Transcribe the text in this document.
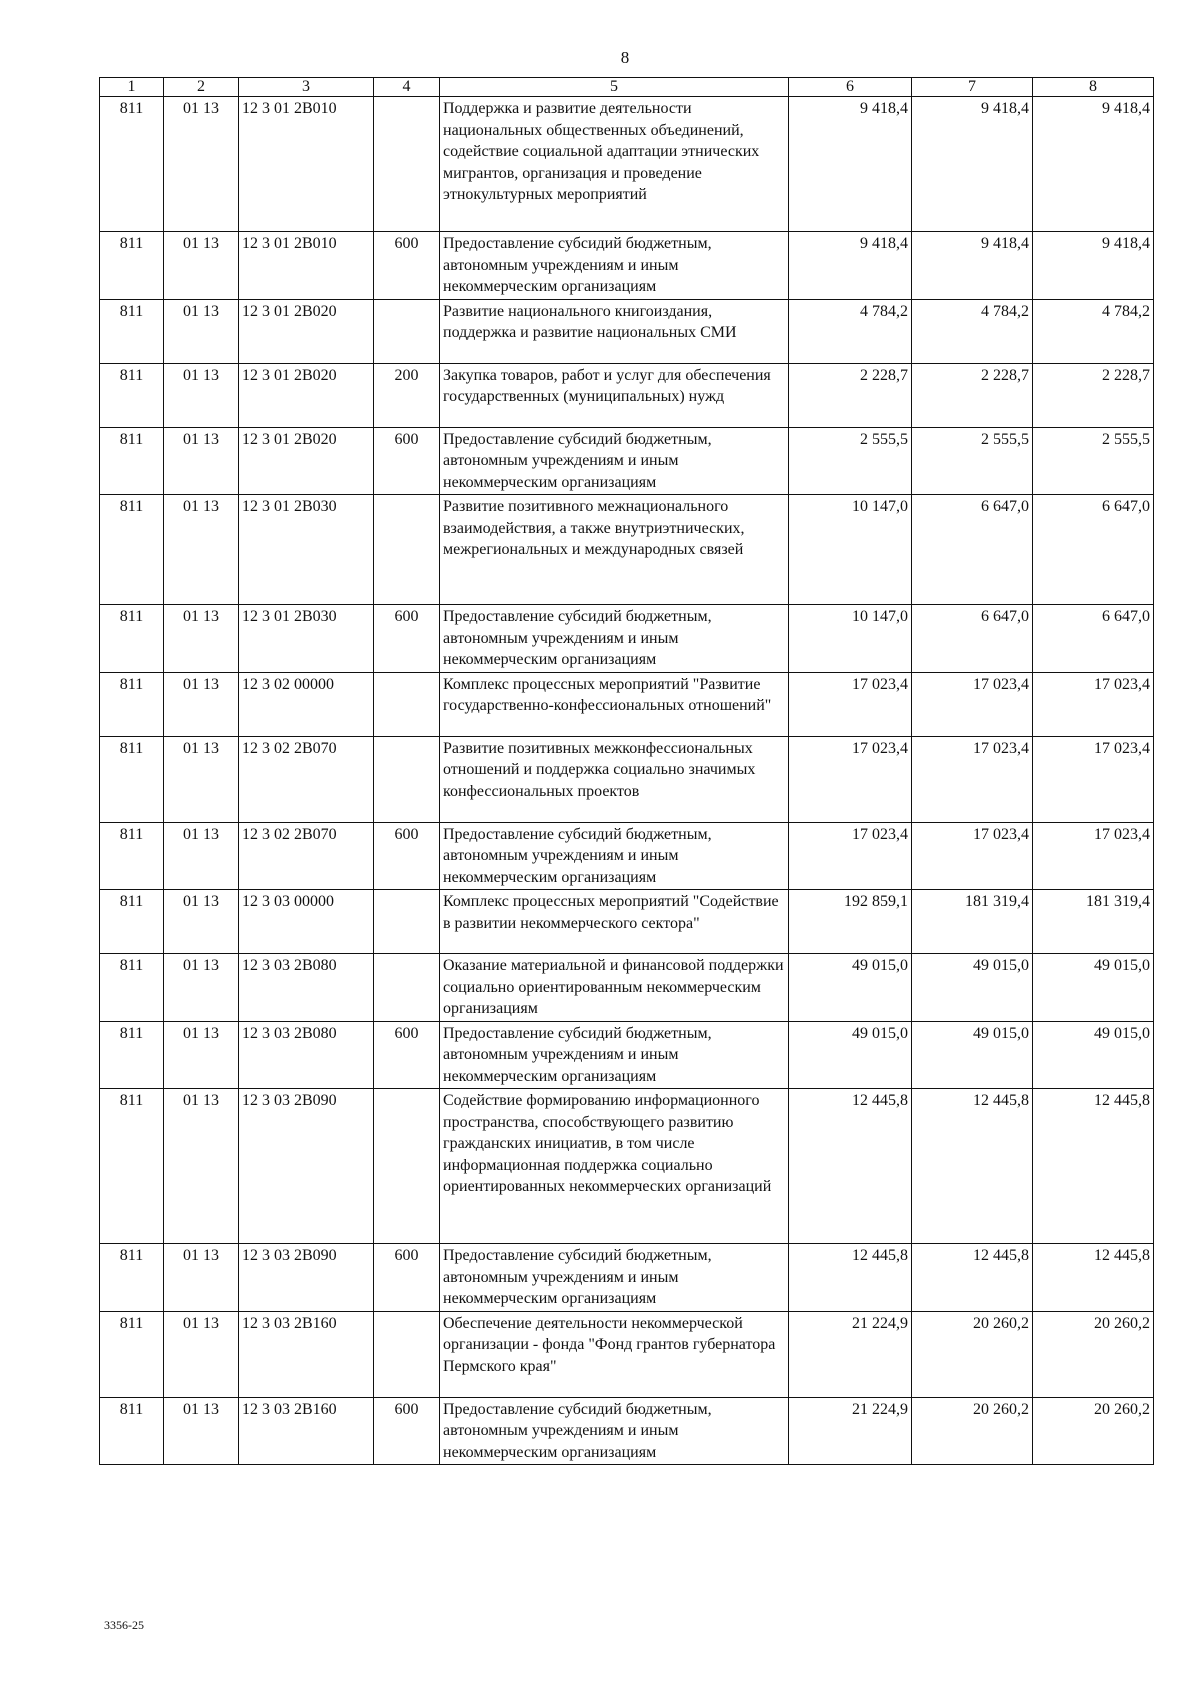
8
1	2	3	4	5	6	7	8
811	01 13	12 3 01 2В010		Поддержка и развитие деятельности национальных общественных объединений, содействие социальной адаптации этнических мигрантов, организация и проведение этнокультурных мероприятий	9 418,4	9 418,4	9 418,4
811	01 13	12 3 01 2В010	600	Предоставление субсидий бюджетным, автономным учреждениям и иным некоммерческим организациям	9 418,4	9 418,4	9 418,4
811	01 13	12 3 01 2В020		Развитие национального книгоиздания, поддержка и развитие национальных СМИ	4 784,2	4 784,2	4 784,2
811	01 13	12 3 01 2В020	200	Закупка товаров, работ и услуг для обеспечения государственных (муниципальных) нужд	2 228,7	2 228,7	2 228,7
811	01 13	12 3 01 2В020	600	Предоставление субсидий бюджетным, автономным учреждениям и иным некоммерческим организациям	2 555,5	2 555,5	2 555,5
811	01 13	12 3 01 2В030		Развитие позитивного межнационального взаимодействия, а также внутриэтнических, межрегиональных и международных связей	10 147,0	6 647,0	6 647,0
811	01 13	12 3 01 2В030	600	Предоставление субсидий бюджетным, автономным учреждениям и иным некоммерческим организациям	10 147,0	6 647,0	6 647,0
811	01 13	12 3 02 00000		Комплекс процессных мероприятий "Развитие государственно-конфессиональных отношений"	17 023,4	17 023,4	17 023,4
811	01 13	12 3 02 2В070		Развитие позитивных межконфессиональных отношений и поддержка социально значимых конфессиональных проектов	17 023,4	17 023,4	17 023,4
811	01 13	12 3 02 2В070	600	Предоставление субсидий бюджетным, автономным учреждениям и иным некоммерческим организациям	17 023,4	17 023,4	17 023,4
811	01 13	12 3 03 00000		Комплекс процессных мероприятий "Содействие в развитии некоммерческого сектора"	192 859,1	181 319,4	181 319,4
811	01 13	12 3 03 2В080		Оказание материальной и финансовой поддержки социально ориентированным некоммерческим организациям	49 015,0	49 015,0	49 015,0
811	01 13	12 3 03 2В080	600	Предоставление субсидий бюджетным, автономным учреждениям и иным некоммерческим организациям	49 015,0	49 015,0	49 015,0
811	01 13	12 3 03 2В090		Содействие формированию информационного пространства, способствующего развитию гражданских инициатив, в том числе информационная поддержка социально ориентированных некоммерческих организаций	12 445,8	12 445,8	12 445,8
811	01 13	12 3 03 2В090	600	Предоставление субсидий бюджетным, автономным учреждениям и иным некоммерческим организациям	12 445,8	12 445,8	12 445,8
811	01 13	12 3 03 2В160		Обеспечение деятельности некоммерческой организации - фонда "Фонд грантов губернатора Пермского края"	21 224,9	20 260,2	20 260,2
811	01 13	12 3 03 2В160	600	Предоставление субсидий бюджетным, автономным учреждениям и иным некоммерческим организациям	21 224,9	20 260,2	20 260,2
3356-25
